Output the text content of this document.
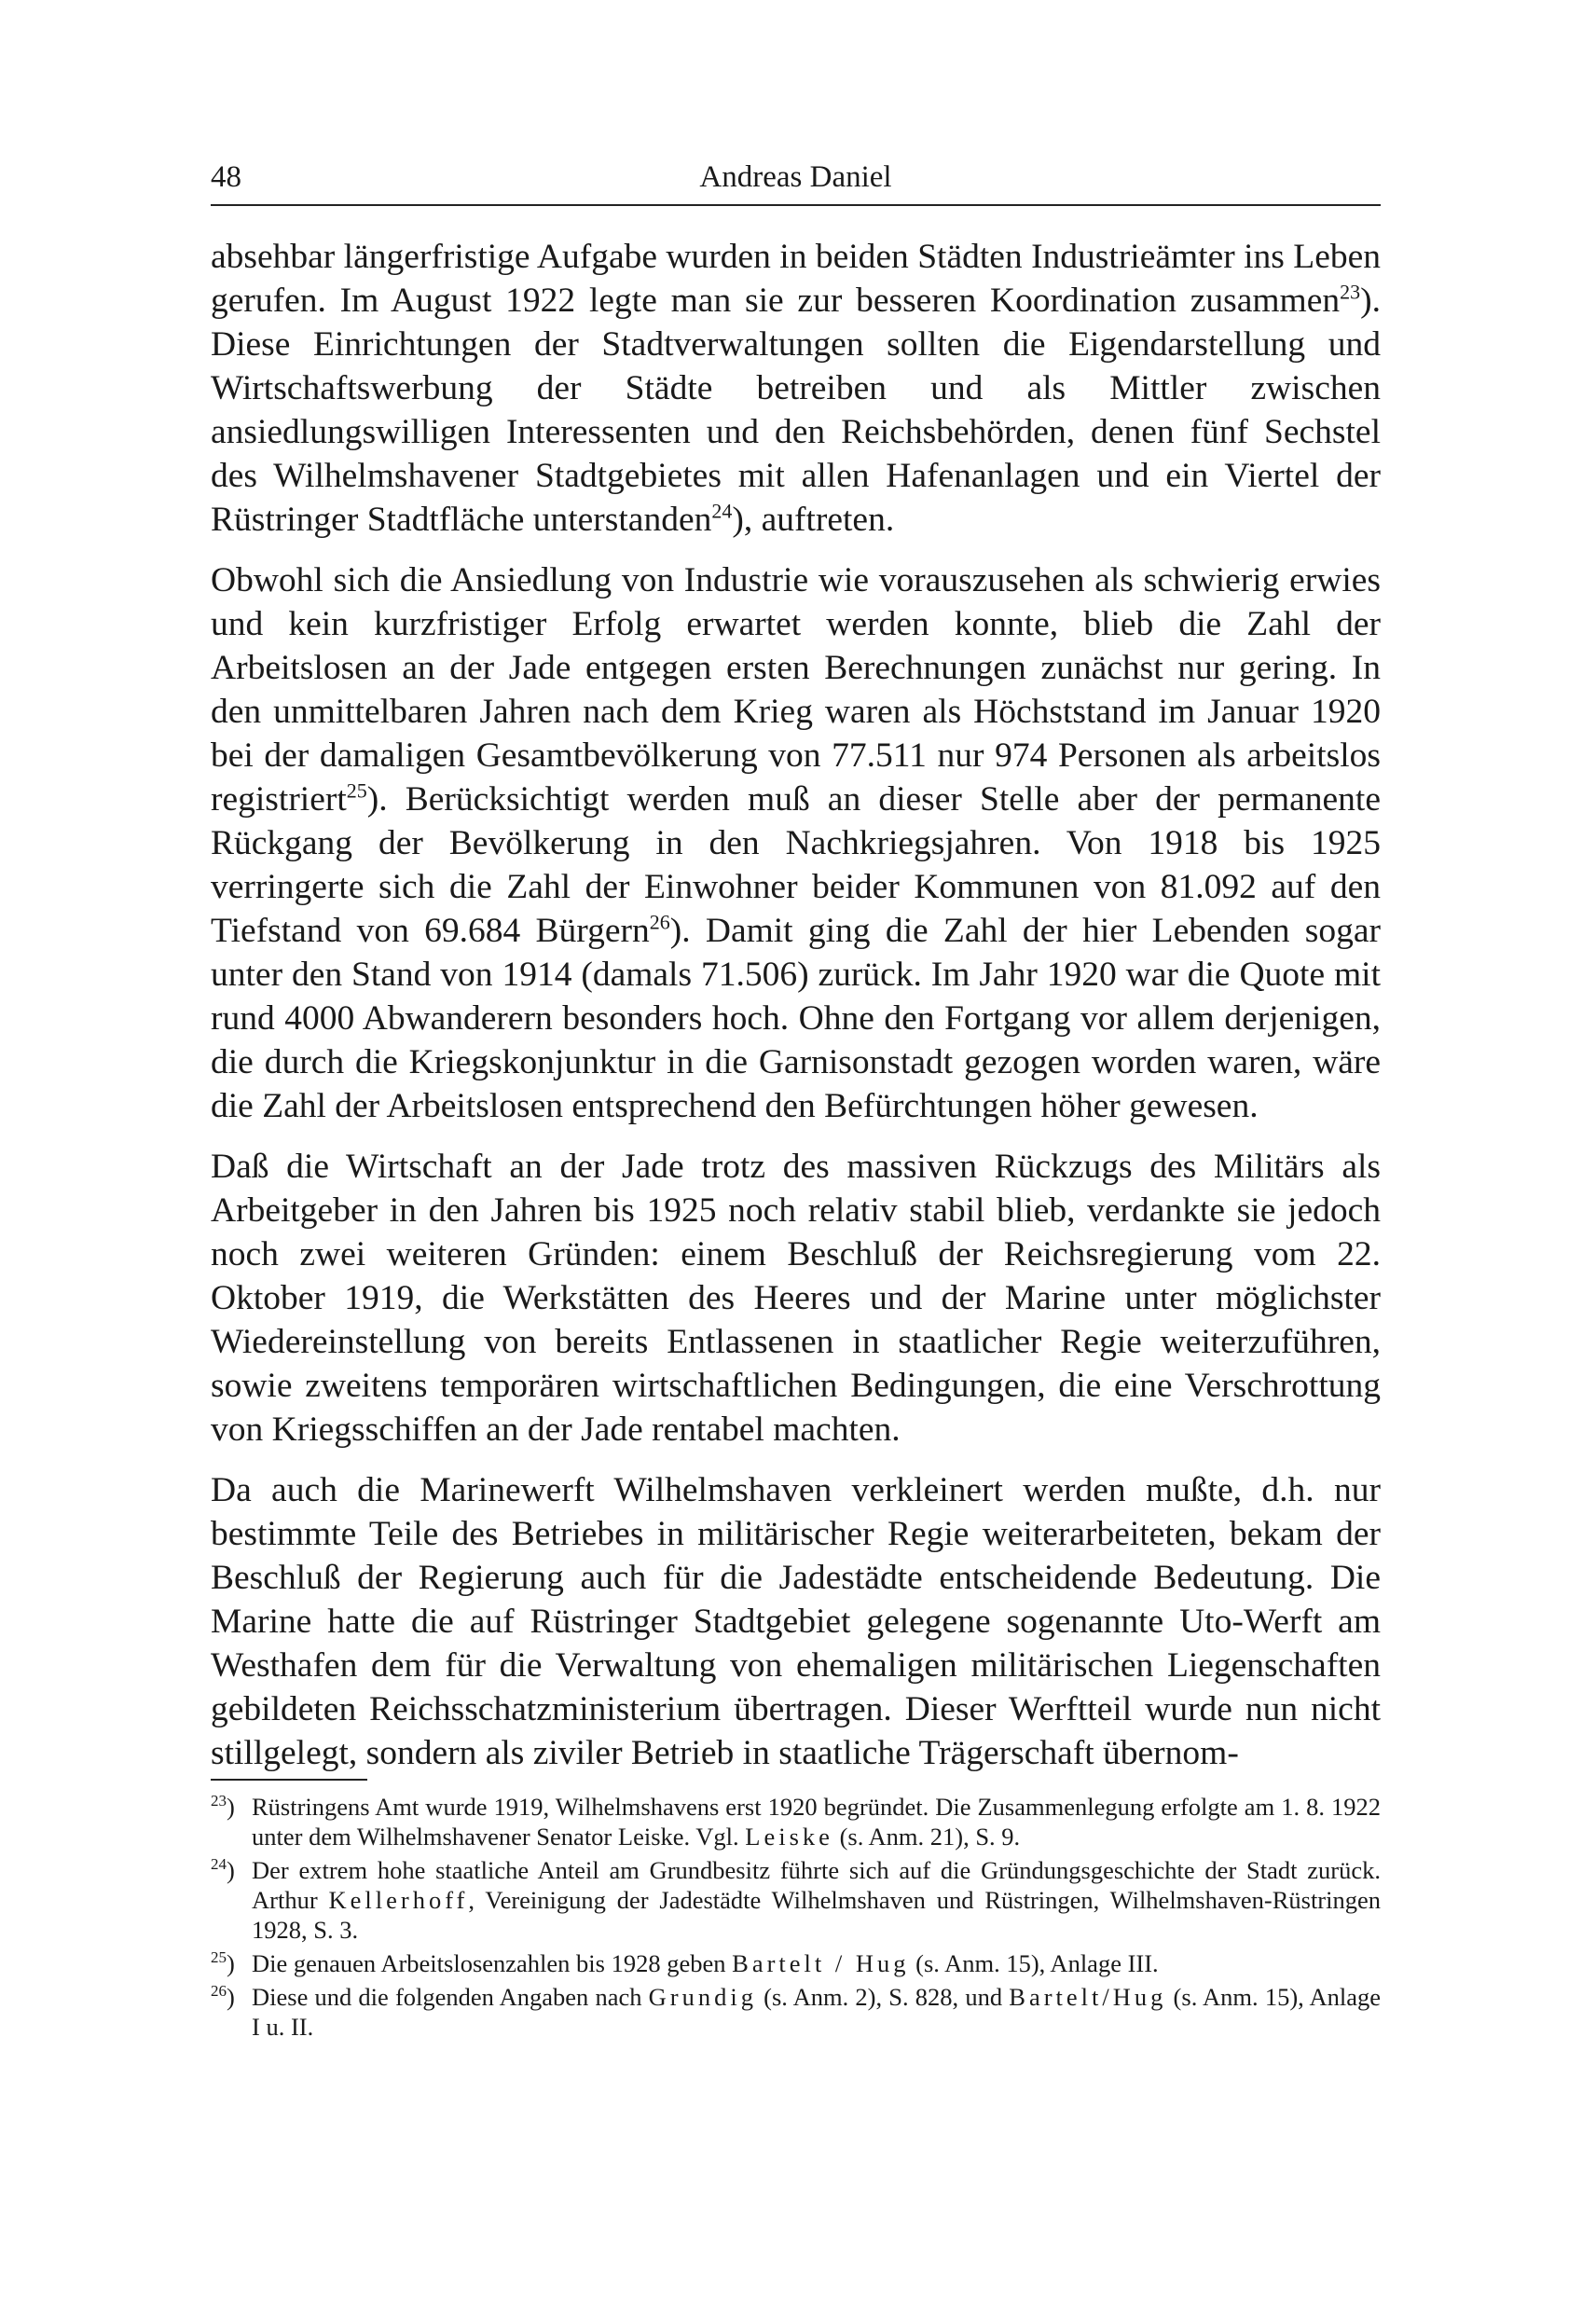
48	Andreas Daniel

absehbar längerfristige Aufgabe wurden in beiden Städten Industrieämter ins Leben gerufen. Im August 1922 legte man sie zur besseren Koordination zusammen$^{23}$). Diese Einrichtungen der Stadtverwaltungen sollten die Eigendarstellung und Wirtschaftswerbung der Städte betreiben und als Mittler zwischen ansiedlungswilligen Interessenten und den Reichsbehörden, denen fünf Sechstel des Wilhelmshavener Stadtgebietes mit allen Hafenanlagen und ein Viertel der Rüstringer Stadtfläche unterstanden$^{24}$), auftreten.

Obwohl sich die Ansiedlung von Industrie wie vorauszusehen als schwierig erwies und kein kurzfristiger Erfolg erwartet werden konnte, blieb die Zahl der Arbeitslosen an der Jade entgegen ersten Berechnungen zunächst nur gering. In den unmittelbaren Jahren nach dem Krieg waren als Höchststand im Januar 1920 bei der damaligen Gesamtbevölkerung von 77.511 nur 974 Personen als arbeitslos registriert$^{25}$). Berücksichtigt werden muß an dieser Stelle aber der permanente Rückgang der Bevölkerung in den Nachkriegsjahren. Von 1918 bis 1925 verringerte sich die Zahl der Einwohner beider Kommunen von 81.092 auf den Tiefstand von 69.684 Bürgern$^{26}$). Damit ging die Zahl der hier Lebenden sogar unter den Stand von 1914 (damals 71.506) zurück. Im Jahr 1920 war die Quote mit rund 4000 Abwanderern besonders hoch. Ohne den Fortgang vor allem derjenigen, die durch die Kriegskonjunktur in die Garnisonstadt gezogen worden waren, wäre die Zahl der Arbeitslosen entsprechend den Befürchtungen höher gewesen.

Daß die Wirtschaft an der Jade trotz des massiven Rückzugs des Militärs als Arbeitgeber in den Jahren bis 1925 noch relativ stabil blieb, verdankte sie jedoch noch zwei weiteren Gründen: einem Beschluß der Reichsregierung vom 22. Oktober 1919, die Werkstätten des Heeres und der Marine unter möglichster Wiedereinstellung von bereits Entlassenen in staatlicher Regie weiterzuführen, sowie zweitens temporären wirtschaftlichen Bedingungen, die eine Verschrottung von Kriegsschiffen an der Jade rentabel machten.

Da auch die Marinewerft Wilhelmshaven verkleinert werden mußte, d.h. nur bestimmte Teile des Betriebes in militärischer Regie weiterarbeiteten, bekam der Beschluß der Regierung auch für die Jadestädte entscheidende Bedeutung. Die Marine hatte die auf Rüstringer Stadtgebiet gelegene sogenannte Uto-Werft am Westhafen dem für die Verwaltung von ehemaligen militärischen Liegenschaften gebildeten Reichsschatzministerium übertragen. Dieser Werftteil wurde nun nicht stillgelegt, sondern als ziviler Betrieb in staatliche Trägerschaft übernom-

$^{23}$) Rüstringens Amt wurde 1919, Wilhelmshavens erst 1920 begründet. Die Zusammenlegung erfolgte am 1. 8. 1922 unter dem Wilhelmshavener Senator Leiske. Vgl. Leiske (s. Anm. 21), S. 9.
$^{24}$) Der extrem hohe staatliche Anteil am Grundbesitz führte sich auf die Gründungsgeschichte der Stadt zurück. Arthur Kellerhoff, Vereinigung der Jadestädte Wilhelmshaven und Rüstringen, Wilhelmshaven-Rüstringen 1928, S. 3.
$^{25}$) Die genauen Arbeitslosenzahlen bis 1928 geben Bartelt / Hug (s. Anm. 15), Anlage III.
$^{26}$) Diese und die folgenden Angaben nach Grundig (s. Anm. 2), S. 828, und Bartelt/Hug (s. Anm. 15), Anlage I u. II.
